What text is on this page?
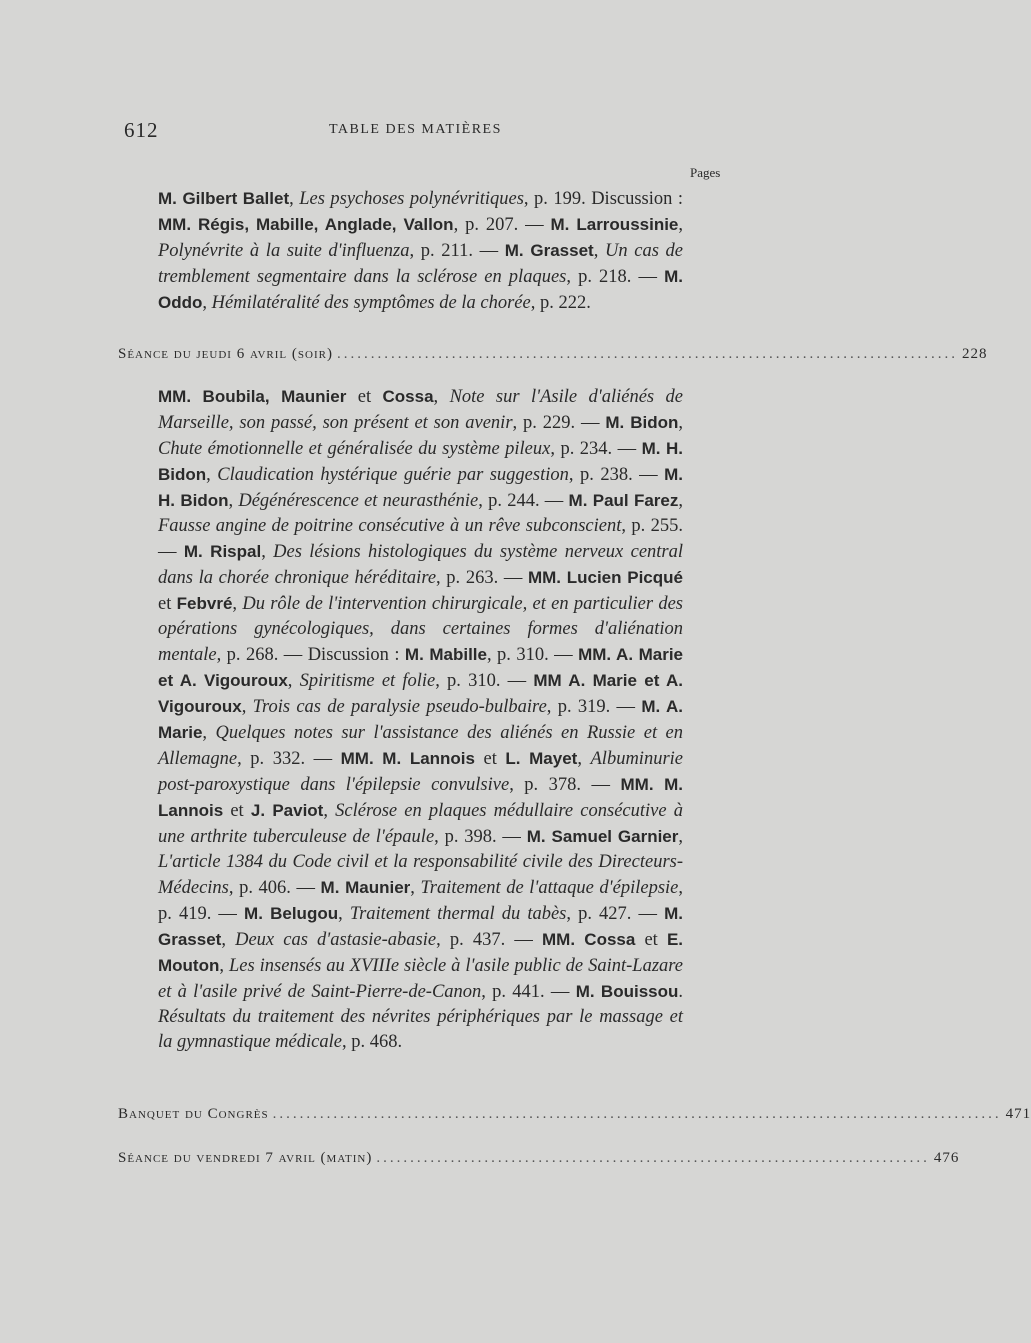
612	TABLE DES MATIÈRES
Pages
M. Gilbert Ballet, Les psychoses polynévritiques, p. 199. Discussion : MM. Régis, Mabille, Anglade, Vallon, p. 207. — M. Larroussinie, Polynévrite à la suite d'influenza, p. 211. — M. Grasset, Un cas de tremblement segmentaire dans la sclérose en plaques, p. 218. — M. Oddo, Hémilatéralité des symptômes de la chorée, p. 222.
Séance du jeudi 6 avril (soir) ............................................................................................ 228
MM. Boubila, Maunier et Cossa, Note sur l'Asile d'aliénés de Marseille, son passé, son présent et son avenir, p. 229. — M. Bidon, Chute émotionnelle et généralisée du système pileux, p. 234. — M. H. Bidon, Claudication hystérique guérie par suggestion, p. 238. — M. H. Bidon, Dégénérescence et neurasthénie, p. 244. — M. Paul Farez, Fausse angine de poitrine consécutive à un rêve subconscient, p. 255. — M. Rispal, Des lésions histologiques du système nerveux central dans la chorée chronique héréditaire, p. 263. — MM. Lucien Picqué et Febvré, Du rôle de l'intervention chirurgicale, et en particulier des opérations gynécologiques, dans certaines formes d'aliénation mentale, p. 268. — Discussion : M. Mabille, p. 310. — MM. A. Marie et A. Vigouroux, Spiritisme et folie, p. 310. — MM A. Marie et A. Vigouroux, Trois cas de paralysie pseudo-bulbaire, p. 319. — M. A. Marie, Quelques notes sur l'assistance des aliénés en Russie et en Allemagne, p. 332. — MM. M. Lannois et L. Mayet, Albuminurie post-paroxystique dans l'épilepsie convulsive, p. 378. — MM. M. Lannois et J. Paviot, Sclérose en plaques médullaire consécutive à une arthrite tuberculeuse de l'épaule, p. 398. — M. Samuel Garnier, L'article 1384 du Code civil et la responsabilité civile des Directeurs-Médecins, p. 406. — M. Maunier, Traitement de l'attaque d'épilepsie, p. 419. — M. Belugou, Traitement thermal du tabès, p. 427. — M. Grasset, Deux cas d'astasie-abasie, p. 437. — MM. Cossa et E. Mouton, Les insensés au XVIIIe siècle à l'asile public de Saint-Lazare et à l'asile privé de Saint-Pierre-de-Canon, p. 441. — M. Bouissou. Résultats du traitement des névrites périphériques par le massage et la gymnastique médicale, p. 468.
Banquet du Congrès ............................................................................................................ 471
Séance du vendredi 7 avril (matin) .................................................................................. 476
